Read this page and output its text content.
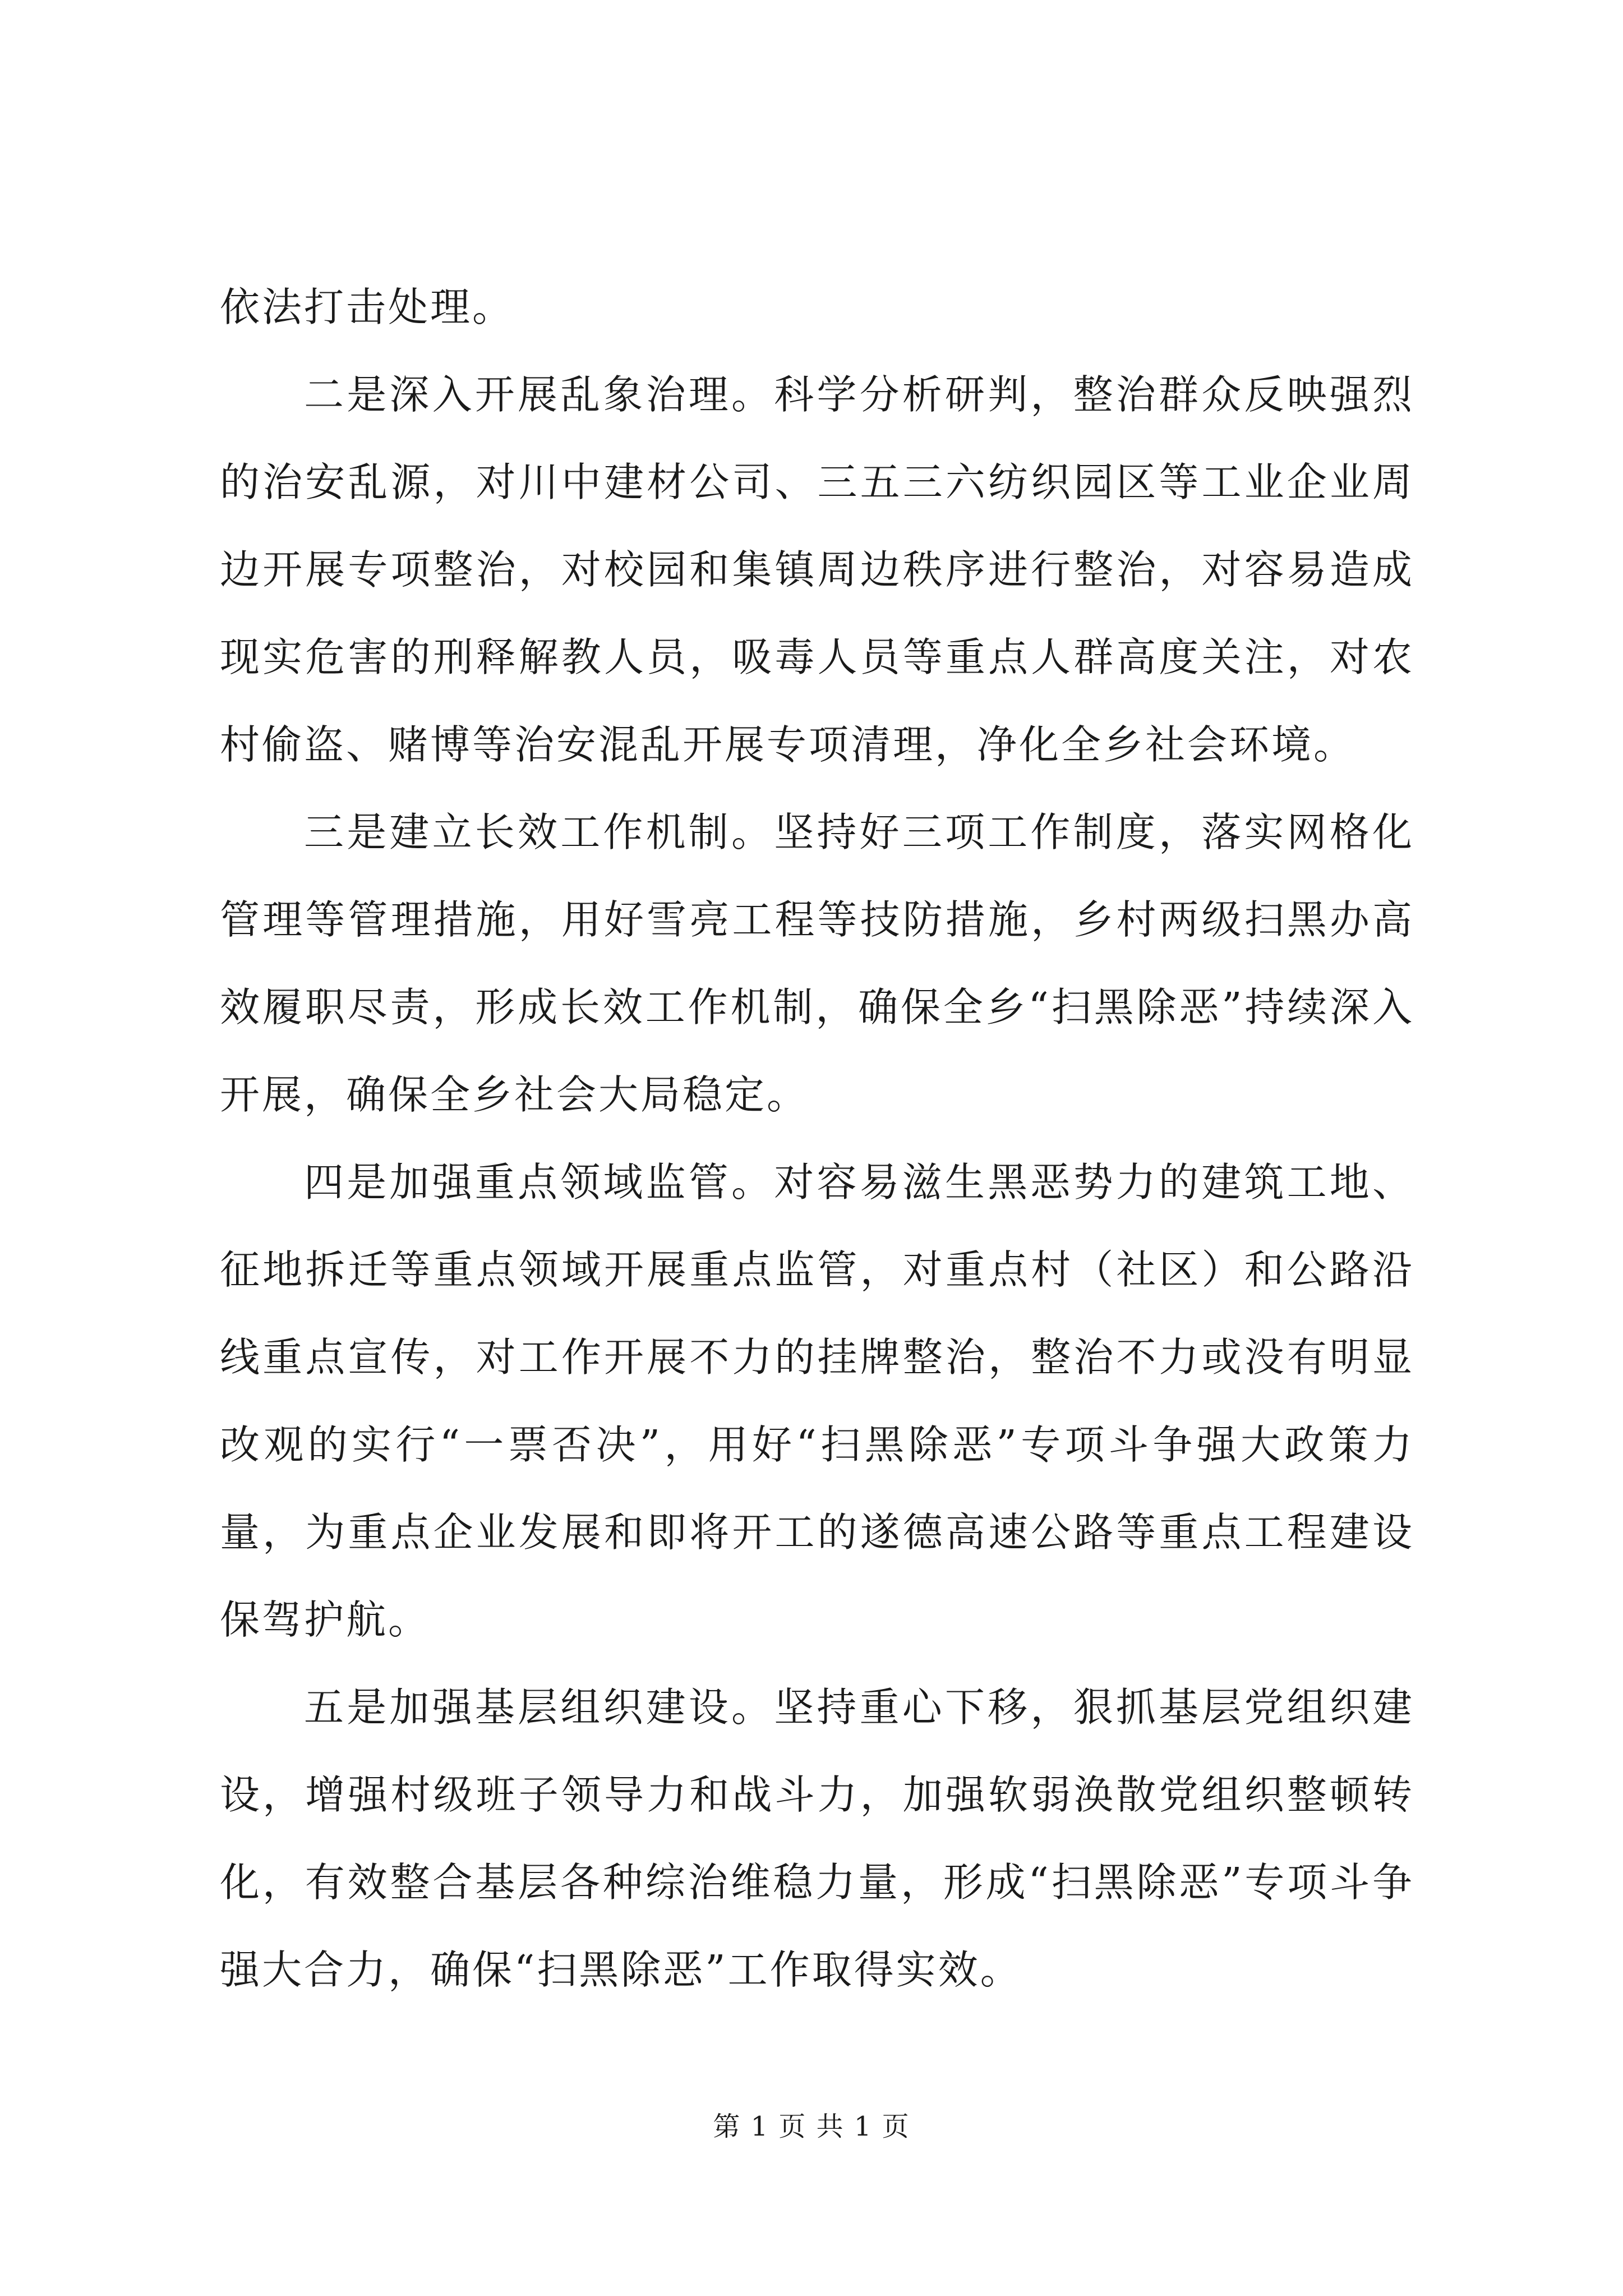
依法打击处理。

二是深入开展乱象治理。科学分析研判，整治群众反映强烈的治安乱源，对川中建材公司、三五三六纺织园区等工业企业周边开展专项整治，对校园和集镇周边秩序进行整治，对容易造成现实危害的刑释解教人员，吸毒人员等重点人群高度关注，对农村偷盗、赌博等治安混乱开展专项清理，净化全乡社会环境。

三是建立长效工作机制。坚持好三项工作制度，落实网格化管理等管理措施，用好雪亮工程等技防措施，乡村两级扫黑办高效履职尽责，形成长效工作机制，确保全乡“扫黑除恶”持续深入开展，确保全乡社会大局稳定。

四是加强重点领域监管。对容易滋生黑恶势力的建筑工地、征地拆迁等重点领域开展重点监管，对重点村（社区）和公路沿线重点宣传，对工作开展不力的挂牌整治，整治不力或没有明显改观的实行“一票否决”，用好“扫黑除恶”专项斗争强大政策力量，为重点企业发展和即将开工的遂德高速公路等重点工程建设保驾护航。

五是加强基层组织建设。坚持重心下移，狠抓基层党组织建设，增强村级班子领导力和战斗力，加强软弱涣散党组织整顿转化，有效整合基层各种综治维稳力量，形成“扫黑除恶”专项斗争强大合力，确保“扫黑除恶”工作取得实效。

第 1 页 共 1 页
